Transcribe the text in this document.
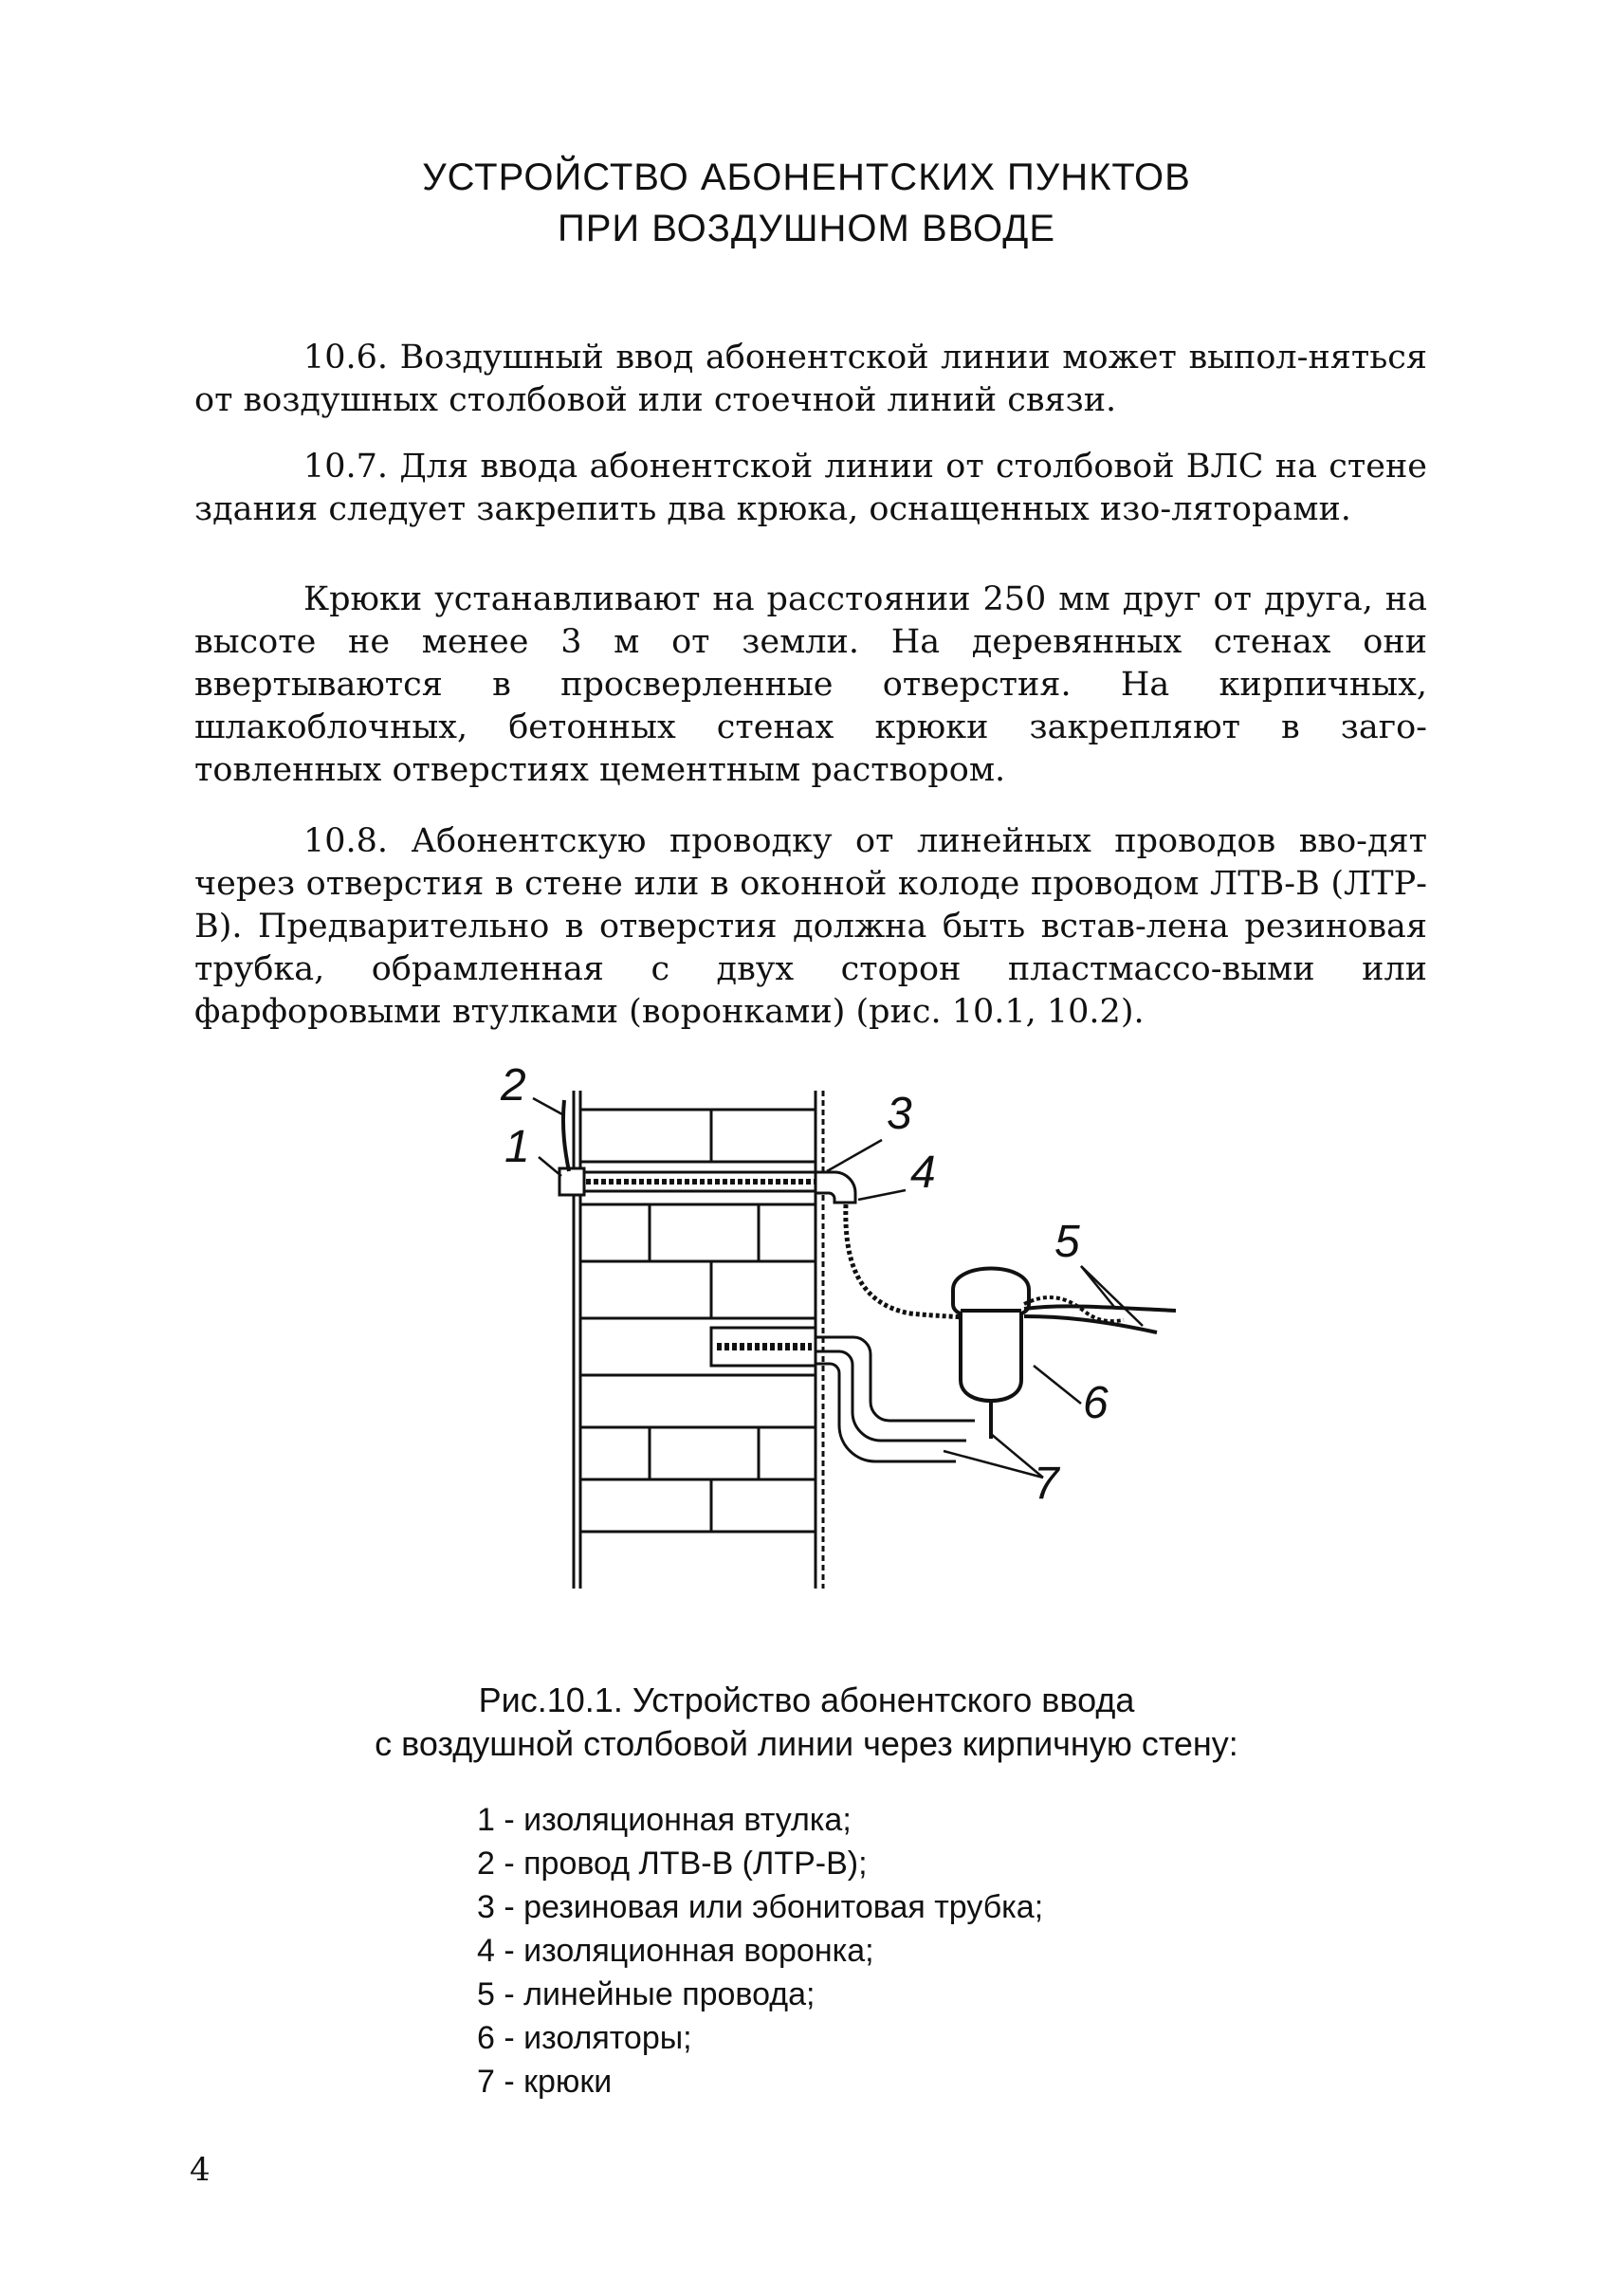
УСТРОЙСТВО АБОНЕНТСКИХ ПУНКТОВ
ПРИ ВОЗДУШНОМ ВВОДЕ
10.6. Воздушный ввод абонентской линии может выпол-няться от воздушных столбовой или стоечной линий связи.
10.7. Для ввода абонентской линии от столбовой ВЛС на стене здания следует закрепить два крюка, оснащенных изо-ляторами.
Крюки устанавливают на расстоянии 250 мм друг от друга, на высоте не менее 3 м от земли. На деревянных стенах они ввертываются в просверленные отверстия. На кирпичных, шлакоблочных, бетонных стенах крюки закрепляют в заго-товленных отверстиях цементным раствором.
10.8. Абонентскую проводку от линейных проводов вво-дят через отверстия в стене или в оконной колоде проводом ЛТВ-В (ЛТР-В). Предварительно в отверстия должна быть встав-лена резиновая трубка, обрамленная с двух сторон пластмассо-выми или фарфоровыми втулками (воронками) (рис. 10.1, 10.2).
2
1
3
4
5
6
7
Рис.10.1. Устройство абонентского ввода
с воздушной столбовой линии через кирпичную стену:
1 - изоляционная втулка;
2 - провод ЛТВ-В (ЛТР-В);
3 - резиновая или эбонитовая трубка;
4 - изоляционная воронка;
5 - линейные провода;
6 - изоляторы;
7 - крюки
4
